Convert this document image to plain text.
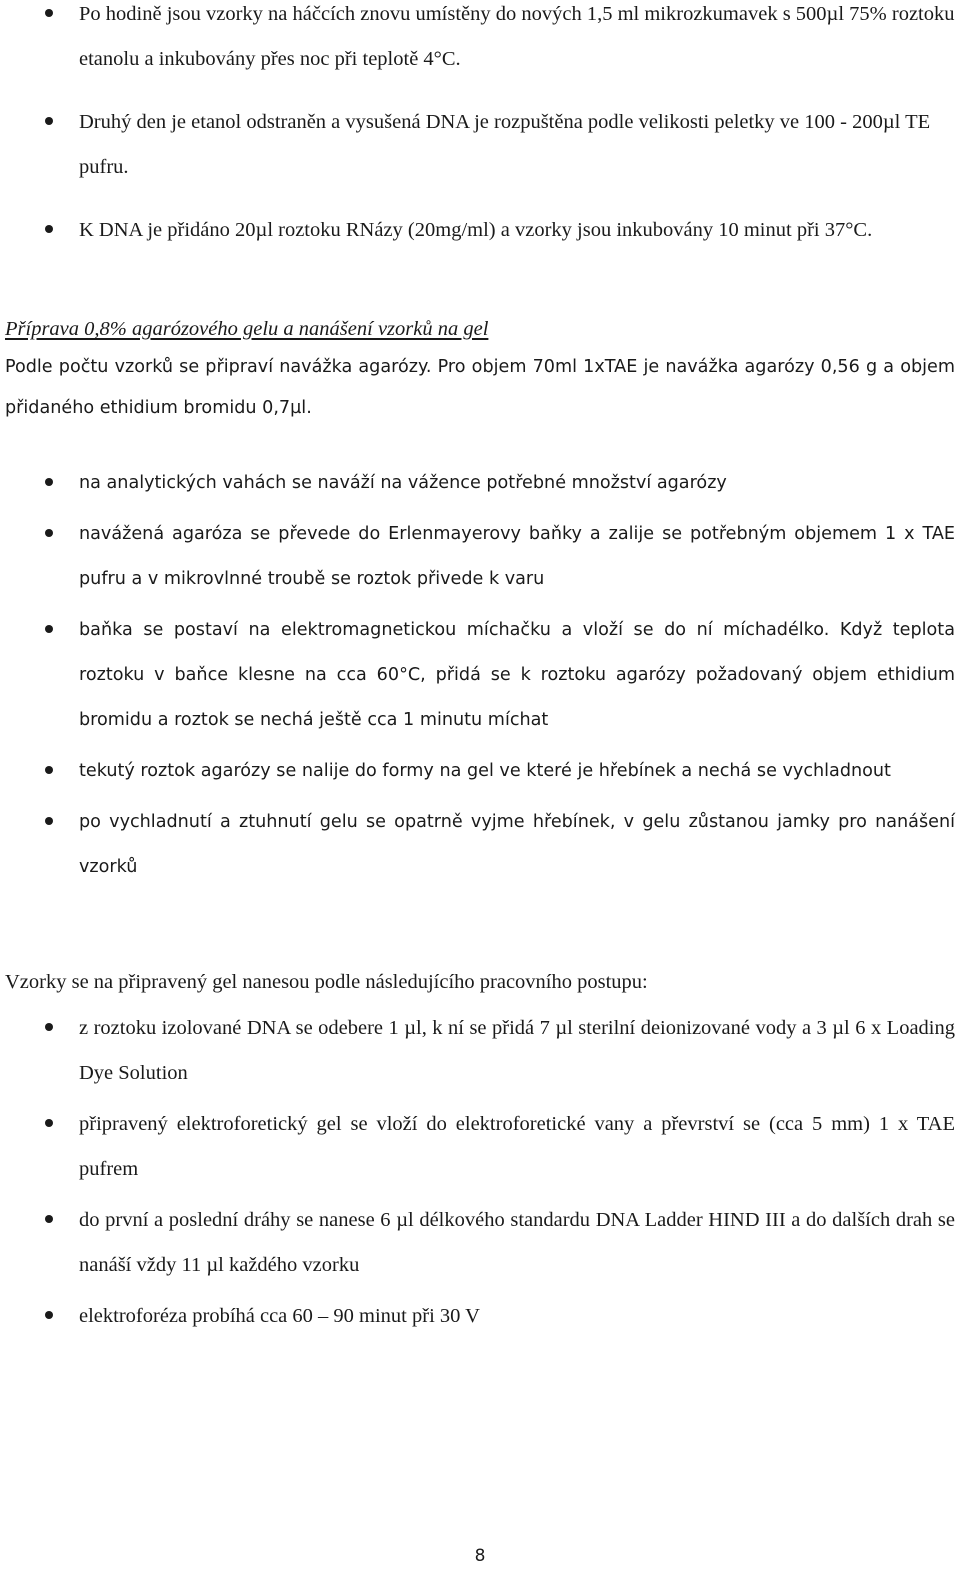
Po hodině jsou vzorky na háčcích znovu umístěny do nových 1,5 ml mikrozkumavek s 500µl 75% roztoku etanolu a inkubovány přes noc při teplotě 4°C.
Druhý den je etanol odstraněn a vysušená DNA je rozpuštěna podle velikosti peletky ve 100 - 200µl TE pufru.
K DNA je přidáno 20µl roztoku RNázy (20mg/ml) a vzorky jsou inkubovány 10 minut při 37°C.
Příprava 0,8% agarózového gelu a nanášení vzorků na gel

Podle počtu vzorků se připraví navážka agarózy. Pro objem 70ml 1xTAE je navážka agarózy 0,56 g a objem přidaného ethidium bromidu 0,7µl.

na analytických vahách se naváží na vážence potřebné množství agarózy
navážená agaróza se převede do Erlenmayerovy baňky a zalije se potřebným objemem 1 x TAE pufru a v mikrovlnné troubě se roztok přivede k varu
baňka se postaví na elektromagnetickou míchačku a vloží se do ní míchadélko. Když teplota roztoku v baňce klesne na cca 60°C, přidá se k roztoku agarózy požadovaný objem ethidium bromidu a roztok se nechá ještě cca 1 minutu míchat
tekutý roztok agarózy se nalije do formy na gel ve které je hřebínek a nechá se vychladnout
po vychladnutí a ztuhnutí gelu se opatrně vyjme hřebínek, v gelu zůstanou jamky pro nanášení vzorků

Vzorky se na připravený gel nanesou podle následujícího pracovního postupu:

z roztoku izolované DNA se odebere 1 µl, k ní se přidá 7 µl sterilní deionizované vody a 3 µl 6 x Loading Dye Solution
připravený elektroforetický gel se vloží do elektroforetické vany a převrství se (cca 5 mm) 1 x TAE pufrem
do první a poslední dráhy se nanese 6 µl délkového standardu DNA Ladder HIND III a do dalších drah se nanáší vždy 11 µl každého vzorku
elektroforéza probíhá cca 60 – 90 minut při 30 V
8
